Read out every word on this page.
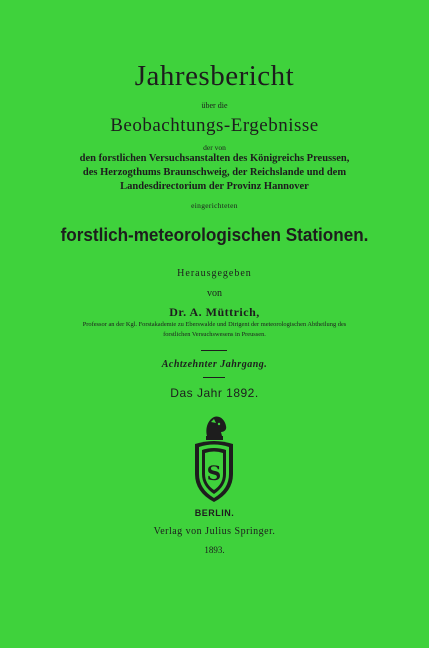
Jahresbericht
über die
Beobachtungs-Ergebnisse
der von
den forstlichen Versuchsanstalten des Königreichs Preussen,
des Herzogthums Braunschweig, der Reichslande und dem
Landesdirectorium der Provinz Hannover
eingerichteten
forstlich-meteorologischen Stationen.
Herausgegeben
von
Dr. A. Müttrich,
Professor an der Kgl. Forstakademie zu Eberswalde und Dirigent der meteorologischen Abtheilung des
forstlichen Versuchswesens in Preussen.
Achtzehnter Jahrgang.
Das Jahr 1892.
S
BERLIN.
Verlag von Julius Springer.
1893.
